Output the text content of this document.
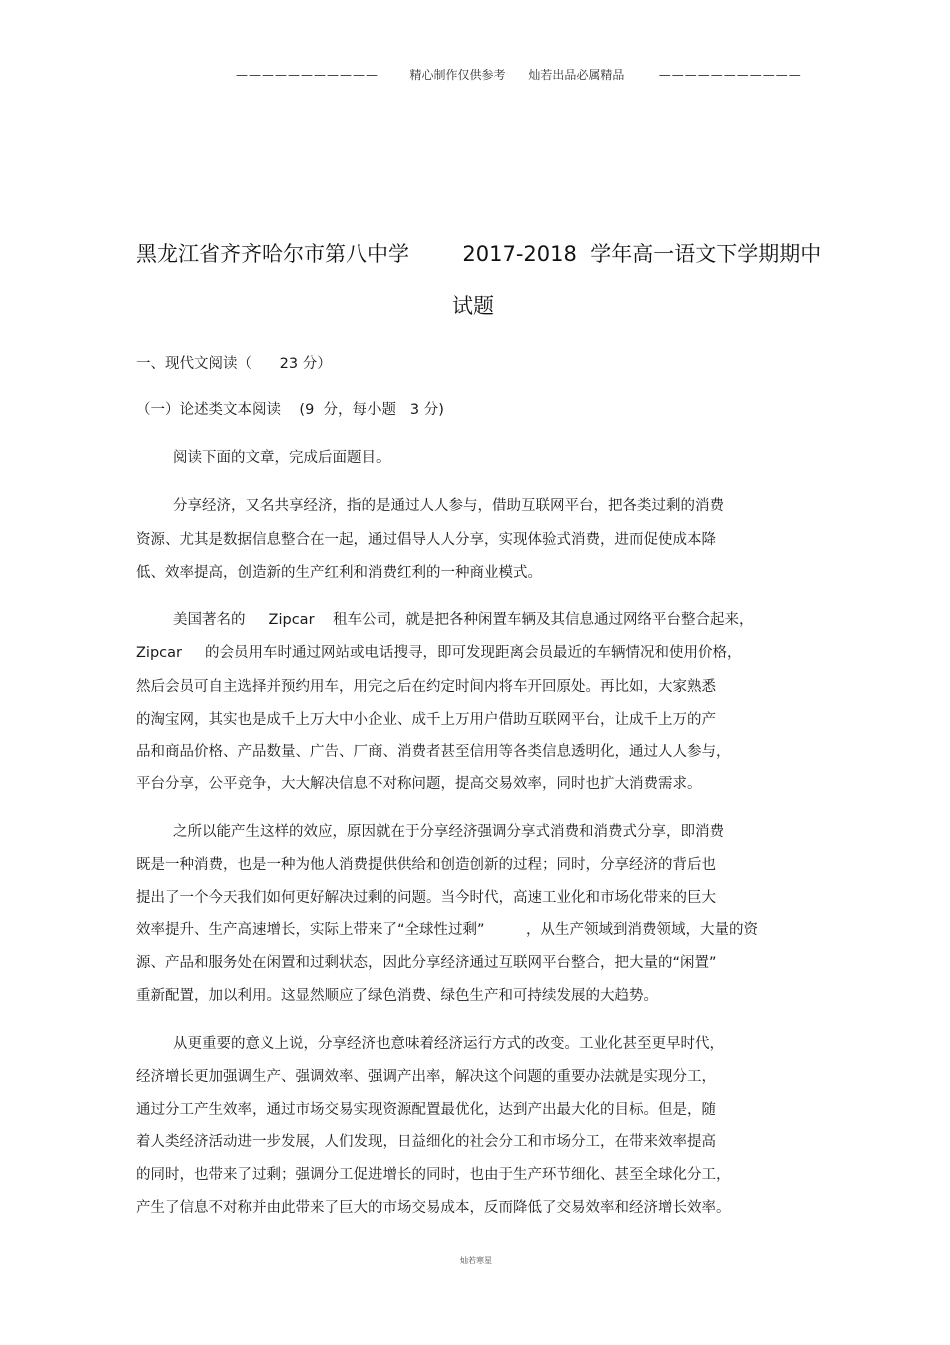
———————————	精心制作仅供参考 灿若出品必属精品	———————————
黑龙江省齐齐哈尔市第八中学        2017-2018  学年高一语文下学期期中
试题
一、现代文阅读（      23 分）
（一）论述类文本阅读    (9  分，每小题   3 分)
阅读下面的文章，完成后面题目。
分享经济，又名共享经济，指的是通过人人参与，借助互联网平台，把各类过剩的消费
资源、尤其是数据信息整合在一起，通过倡导人人分享，实现体验式消费，进而促使成本降
低、效率提高，创造新的生产红利和消费红利的一种商业模式。
美国著名的     Zipcar    租车公司，就是把各种闲置车辆及其信息通过网络平台整合起来，
Zipcar     的会员用车时通过网站或电话搜寻，即可发现距离会员最近的车辆情况和使用价格，
然后会员可自主选择并预约用车，用完之后在约定时间内将车开回原处。再比如，大家熟悉
的淘宝网，其实也是成千上万大中小企业、成千上万用户借助互联网平台，让成千上万的产
品和商品价格、产品数量、广告、厂商、消费者甚至信用等各类信息透明化，通过人人参与，
平台分享，公平竞争，大大解决信息不对称问题，提高交易效率，同时也扩大消费需求。
之所以能产生这样的效应，原因就在于分享经济强调分享式消费和消费式分享，即消费
既是一种消费，也是一种为他人消费提供供给和创造创新的过程；同时，分享经济的背后也
提出了一个今天我们如何更好解决过剩的问题。当今时代，高速工业化和市场化带来的巨大
效率提升、生产高速增长，实际上带来了“全球性过剩”         ，从生产领域到消费领域，大量的资
源、产品和服务处在闲置和过剩状态，因此分享经济通过互联网平台整合，把大量的“闲置”
重新配置，加以利用。这显然顺应了绿色消费、绿色生产和可持续发展的大趋势。
从更重要的意义上说，分享经济也意味着经济运行方式的改变。工业化甚至更早时代，
经济增长更加强调生产、强调效率、强调产出率，解决这个问题的重要办法就是实现分工，
通过分工产生效率，通过市场交易实现资源配置最优化，达到产出最大化的目标。但是，随
着人类经济活动进一步发展，人们发现，日益细化的社会分工和市场分工，在带来效率提高
的同时，也带来了过剩；强调分工促进增长的同时，也由于生产环节细化、甚至全球化分工，
产生了信息不对称并由此带来了巨大的市场交易成本，反而降低了交易效率和经济增长效率。
灿若寒星
